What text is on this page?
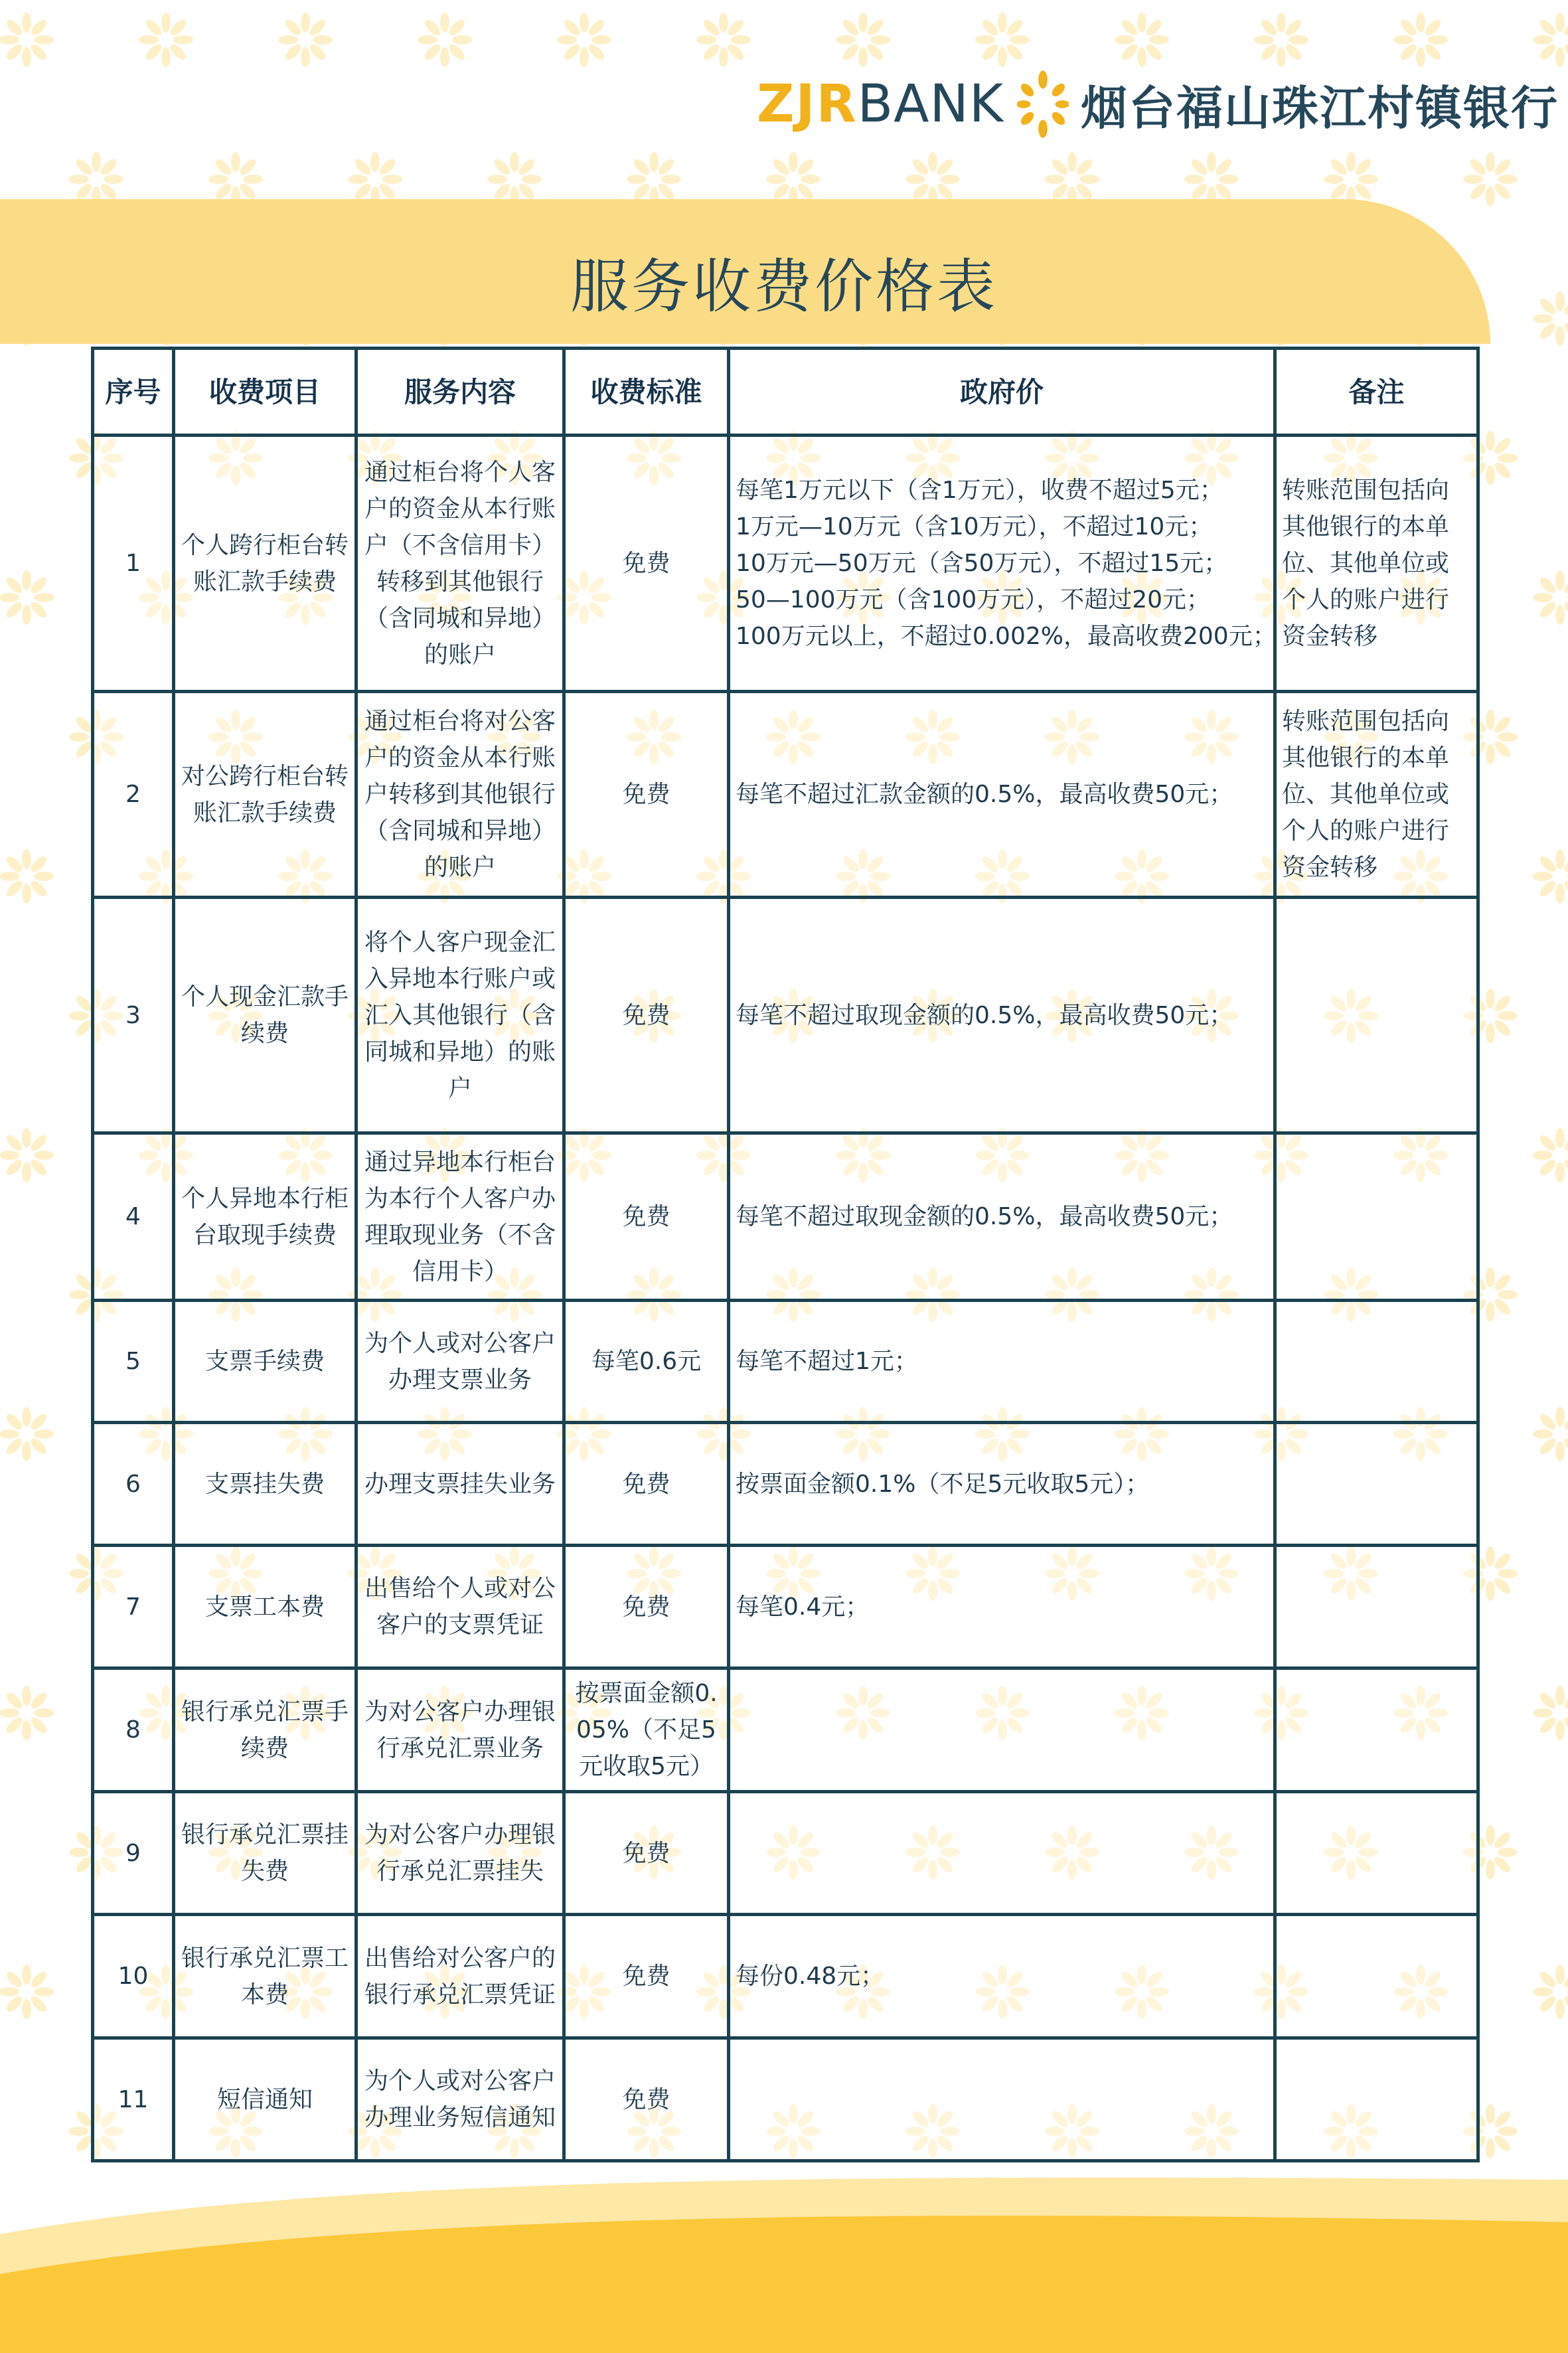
ZJR BANK 烟台福山珠江村镇银行
服务收费价格表
序号	收费项目	服务内容	收费标准	政府价	备注
1	个人跨行柜台转账汇款手续费	通过柜台将个人客户的资金从本行账户（不含信用卡）转移到其他银行（含同城和异地）的账户	免费	每笔1万元以下（含1万元），收费不超过5元；
1万元—10万元（含10万元），不超过10元；
10万元—50万元（含50万元），不超过15元；
50—100万元（含100万元），不超过20元；
100万元以上，不超过0.002%，最高收费200元；	转账范围包括向其他银行的本单位、其他单位或个人的账户进行资金转移
2	对公跨行柜台转账汇款手续费	通过柜台将对公客户的资金从本行账户转移到其他银行（含同城和异地）的账户	免费	每笔不超过汇款金额的0.5%，最高收费50元；	转账范围包括向其他银行的本单位、其他单位或个人的账户进行资金转移
3	个人现金汇款手续费	将个人客户现金汇入异地本行账户或汇入其他银行（含同城和异地）的账户	免费	每笔不超过取现金额的0.5%，最高收费50元；	

4	个人异地本行柜台取现手续费	通过异地本行柜台为本行个人客户办理取现业务（不含信用卡）	免费	每笔不超过取现金额的0.5%，最高收费50元；	

5	支票手续费	为个人或对公客户办理支票业务	每笔0.6元	每笔不超过1元；	

6	支票挂失费	办理支票挂失业务	免费	按票面金额0.1%（不足5元收取5元）；	

7	支票工本费	出售给个人或对公客户的支票凭证	免费	每笔0.4元；	

8	银行承兑汇票手续费	为对公客户办理银行承兑汇票业务	按票面金额0.05%（不足5元收取5元）	

9	银行承兑汇票挂失费	为对公客户办理银行承兑汇票挂失	免费	

10	银行承兑汇票工本费	出售给对公客户的银行承兑汇票凭证	免费	每份0.48元；	

11	短信通知	为个人或对公客户办理业务短信通知	免费	
